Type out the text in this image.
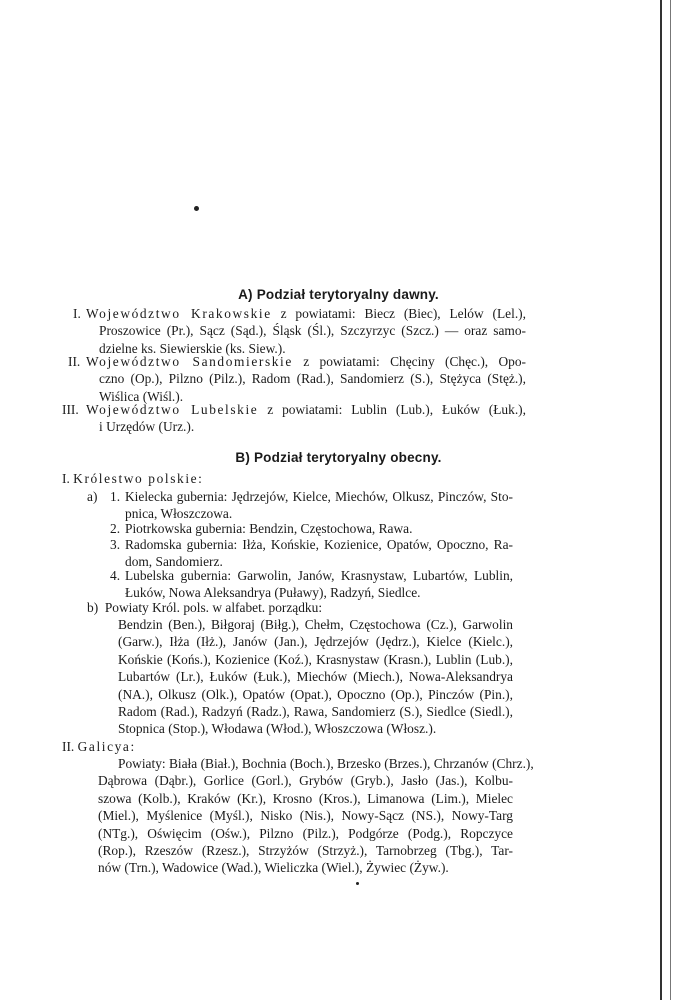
A) Podział terytoryalny dawny.
I. Województwo Krakowskie z powiatami: Biecz (Biec), Lelów (Lel.),
Proszowice (Pr.), Sącz (Sąd.), Śląsk (Śl.), Szczyrzyc (Szcz.) — oraz samo-
dzielne ks. Siewierskie (ks. Siew.).
II. Województwo Sandomierskie z powiatami: Chęciny (Chęc.), Opo-
czno (Op.), Pilzno (Pilz.), Radom (Rad.), Sandomierz (S.), Stężyca (Stęż.),
Wiślica (Wiśl.).
III. Województwo Lubelskie z powiatami: Lublin (Lub.), Łuków (Łuk.),
i Urzędów (Urz.).
B) Podział terytoryalny obecny.
I. Królestwo polskie:
a) 1. Kielecka gubernia: Jędrzejów, Kielce, Miechów, Olkusz, Pinczów, Sto-
pnica, Włoszczowa.
2. Piotrkowska gubernia: Bendzin, Częstochowa, Rawa.
3. Radomska gubernia: Iłża, Końskie, Kozienice, Opatów, Opoczno, Ra-
dom, Sandomierz.
4. Lubelska gubernia: Garwolin, Janów, Krasnystaw, Lubartów, Lublin,
Łuków, Nowa Aleksandrya (Puławy), Radzyń, Siedlce.
b) Powiaty Król. pols. w alfabet. porządku:
Bendzin (Ben.), Biłgoraj (Biłg.), Chełm, Częstochowa (Cz.), Garwolin
(Garw.), Iłża (Iłż.), Janów (Jan.), Jędrzejów (Jędrz.), Kielce (Kielc.),
Końskie (Końs.), Kozienice (Koź.), Krasnystaw (Krasn.), Lublin (Lub.),
Lubartów (Lr.), Łuków (Łuk.), Miechów (Miech.), Nowa-Aleksandrya
(NA.), Olkusz (Olk.), Opatów (Opat.), Opoczno (Op.), Pinczów (Pin.),
Radom (Rad.), Radzyń (Radz.), Rawa, Sandomierz (S.), Siedlce (Siedl.),
Stopnica (Stop.), Włodawa (Włod.), Włoszczowa (Włosz.).
II. Galicya:
Powiaty: Biała (Biał.), Bochnia (Boch.), Brzesko (Brzes.), Chrzanów (Chrz.),
Dąbrowa (Dąbr.), Gorlice (Gorl.), Grybów (Gryb.), Jasło (Jas.), Kolbu-
szowa (Kolb.), Kraków (Kr.), Krosno (Kros.), Limanowa (Lim.), Mielec
(Miel.), Myślenice (Myśl.), Nisko (Nis.), Nowy-Sącz (NS.), Nowy-Targ
(NTg.), Oświęcim (Ośw.), Pilzno (Pilz.), Podgórze (Podg.), Ropczyce
(Rop.), Rzeszów (Rzesz.), Strzyżów (Strzyż.), Tarnobrzeg (Tbg.), Tar-
nów (Trn.), Wadowice (Wad.), Wieliczka (Wiel.), Żywiec (Żyw.).
